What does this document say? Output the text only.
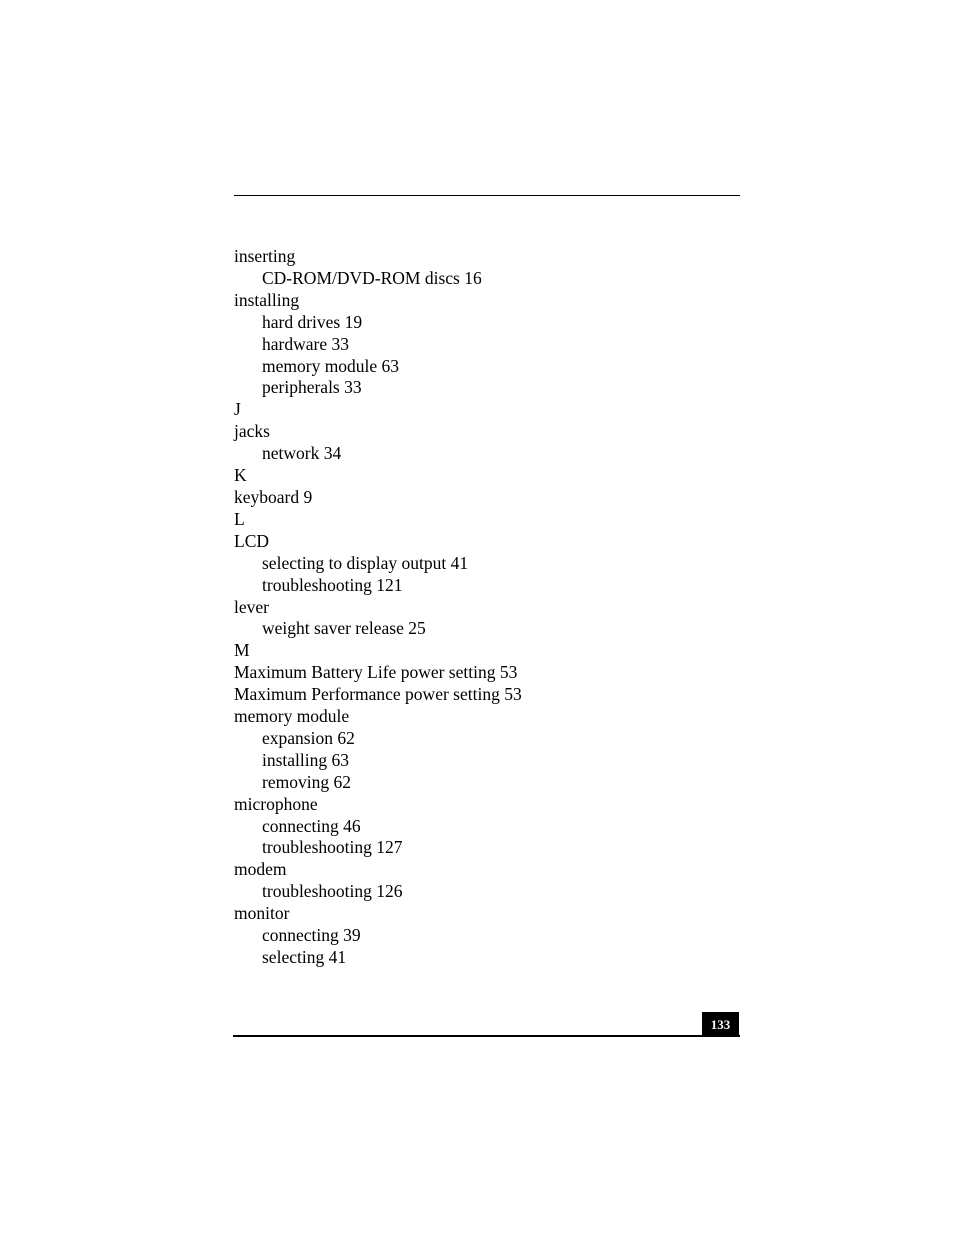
inserting
CD-ROM/DVD-ROM discs 16
installing
hard drives 19
hardware 33
memory module 63
peripherals 33
J
jacks
network 34
K
keyboard 9
L
LCD
selecting to display output 41
troubleshooting 121
lever
weight saver release 25
M
Maximum Battery Life power setting 53
Maximum Performance power setting 53
memory module
expansion 62
installing 63
removing 62
microphone
connecting 46
troubleshooting 127
modem
troubleshooting 126
monitor
connecting 39
selecting 41
133
